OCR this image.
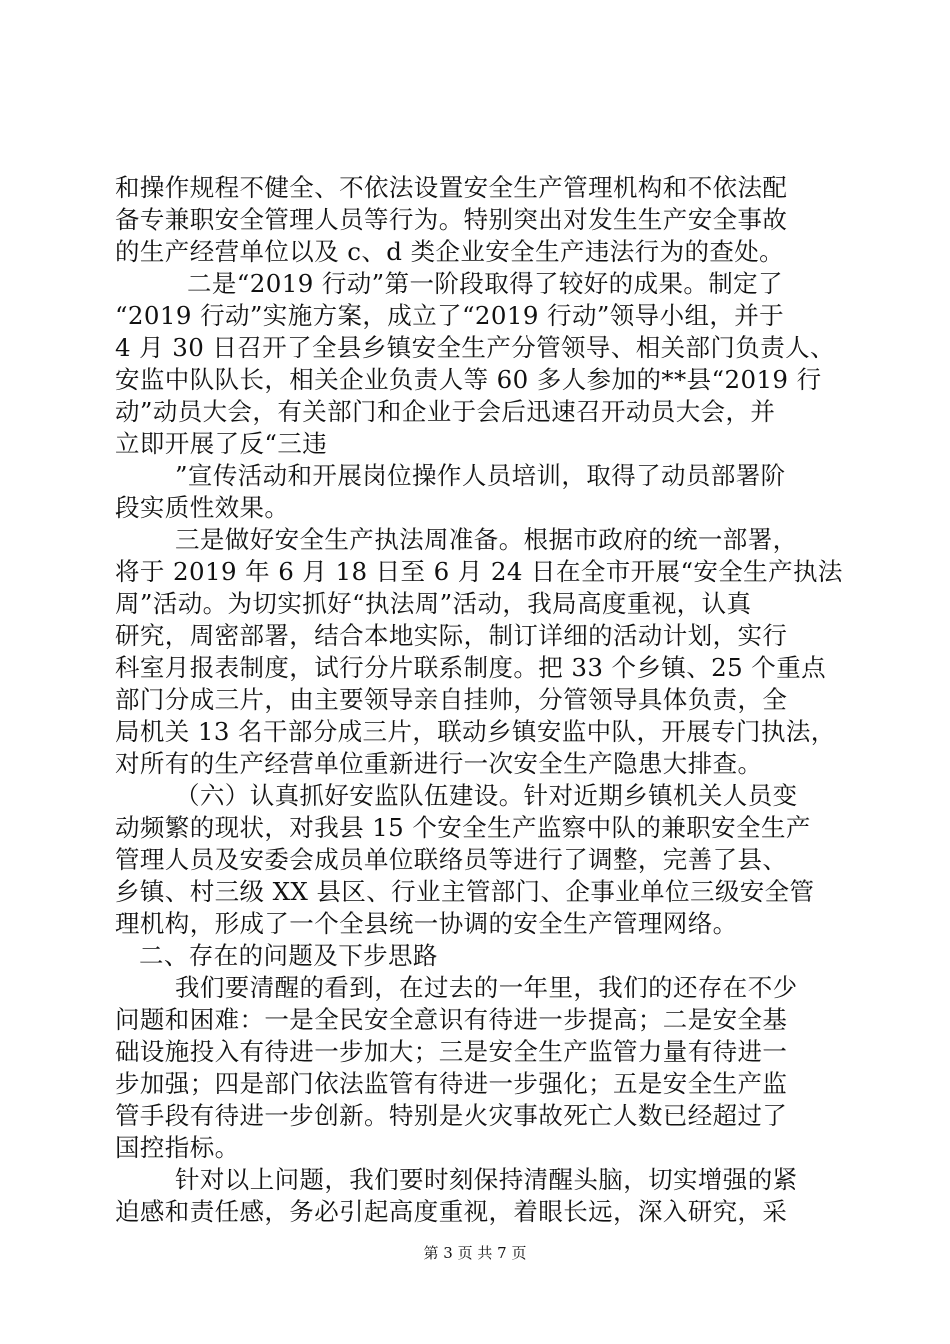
和操作规程不健全、不依法设置安全生产管理机构和不依法配
备专兼职安全管理人员等行为。特别突出对发生生产安全事故
的生产经营单位以及 c、d 类企业安全生产违法行为的查处。
二是“2019 行动”第一阶段取得了较好的成果。制定了
“2019 行动”实施方案，成立了“2019 行动”领导小组，并于
4 月 30 日召开了全县乡镇安全生产分管领导、相关部门负责人、
安监中队队长，相关企业负责人等 60 多人参加的**县“2019 行
动”动员大会，有关部门和企业于会后迅速召开动员大会，并
立即开展了反“三违
”宣传活动和开展岗位操作人员培训，取得了动员部署阶
段实质性效果。
三是做好安全生产执法周准备。根据市政府的统一部署，
将于 2019 年 6 月 18 日至 6 月 24 日在全市开展“安全生产执法
周”活动。为切实抓好“执法周”活动，我局高度重视，认真
研究，周密部署，结合本地实际，制订详细的活动计划，实行
科室月报表制度，试行分片联系制度。把 33 个乡镇、25 个重点
部门分成三片，由主要领导亲自挂帅，分管领导具体负责，全
局机关 13 名干部分成三片，联动乡镇安监中队，开展专门执法，
对所有的生产经营单位重新进行一次安全生产隐患大排查。
（六）认真抓好安监队伍建设。针对近期乡镇机关人员变
动频繁的现状，对我县 15 个安全生产监察中队的兼职安全生产
管理人员及安委会成员单位联络员等进行了调整，完善了县、
乡镇、村三级 XX 县区、行业主管部门、企事业单位三级安全管
理机构，形成了一个全县统一协调的安全生产管理网络。
二、存在的问题及下步思路
我们要清醒的看到，在过去的一年里，我们的还存在不少
问题和困难：一是全民安全意识有待进一步提高；二是安全基
础设施投入有待进一步加大；三是安全生产监管力量有待进一
步加强；四是部门依法监管有待进一步强化；五是安全生产监
管手段有待进一步创新。特别是火灾事故死亡人数已经超过了
国控指标。
针对以上问题，我们要时刻保持清醒头脑，切实增强的紧
迫感和责任感，务必引起高度重视，着眼长远，深入研究，采
第 3 页 共 7 页
